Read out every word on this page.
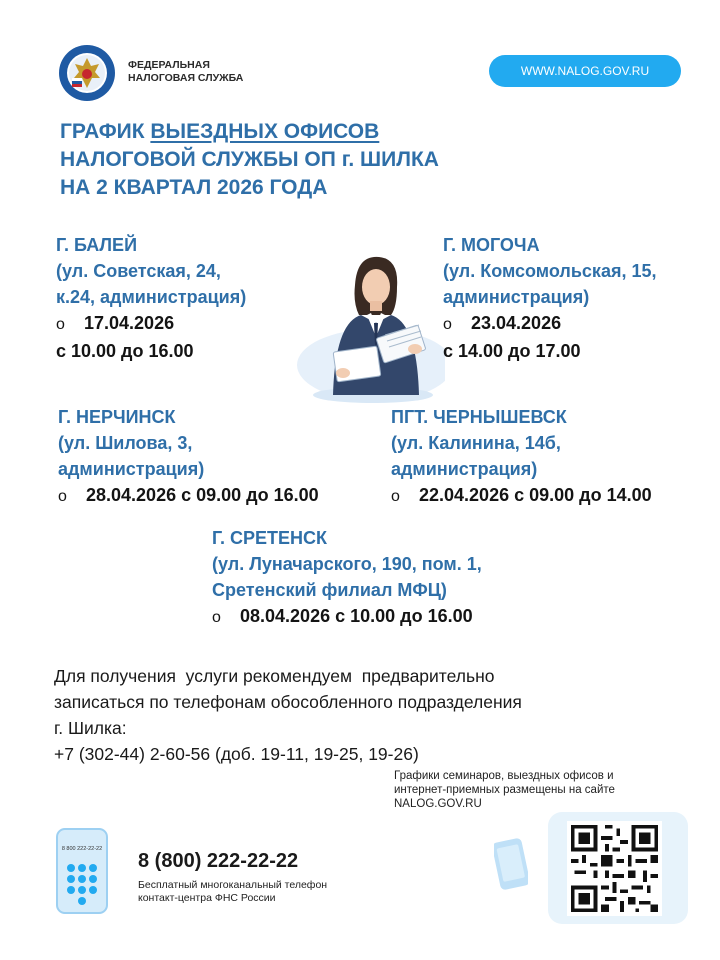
ФЕДЕРАЛЬНАЯ
НАЛОГОВАЯ СЛУЖБА	WWW.NALOG.GOV.RU
ГРАФИК ВЫЕЗДНЫХ ОФИСОВ
НАЛОГОВОЙ СЛУЖБЫ ОП г. ШИЛКА
НА 2 КВАРТАЛ 2026 ГОДА
Г. БАЛЕЙ
(ул. Советская, 24,
к.24, администрация)
o	17.04.2026
с 10.00 до 16.00
Г. МОГОЧА
(ул. Комсомольская, 15,
администрация)
o	23.04.2026
с 14.00 до 17.00
Г. НЕРЧИНСК
(ул. Шилова, 3,
администрация)
o	28.04.2026 с 09.00 до 16.00
ПГТ. ЧЕРНЫШЕВСК
(ул. Калинина, 14б,
администрация)
o	22.04.2026 с 09.00 до 14.00
Г. СРЕТЕНСК
(ул. Луначарского, 190, пом. 1,
Сретенский филиал МФЦ)
o	08.04.2026 с 10.00 до 16.00
Для получения  услуги рекомендуем  предварительно
записаться по телефонам обособленного подразделения
г. Шилка:
+7 (302-44) 2-60-56 (доб. 19-11, 19-25, 19-26)
Графики семинаров, выездных офисов и
интернет-приемных размещены на сайте
NALOG.GOV.RU
8 800 222-22-22
8 (800) 222-22-22
Бесплатный многоканальный телефон
контакт-центра ФНС России
